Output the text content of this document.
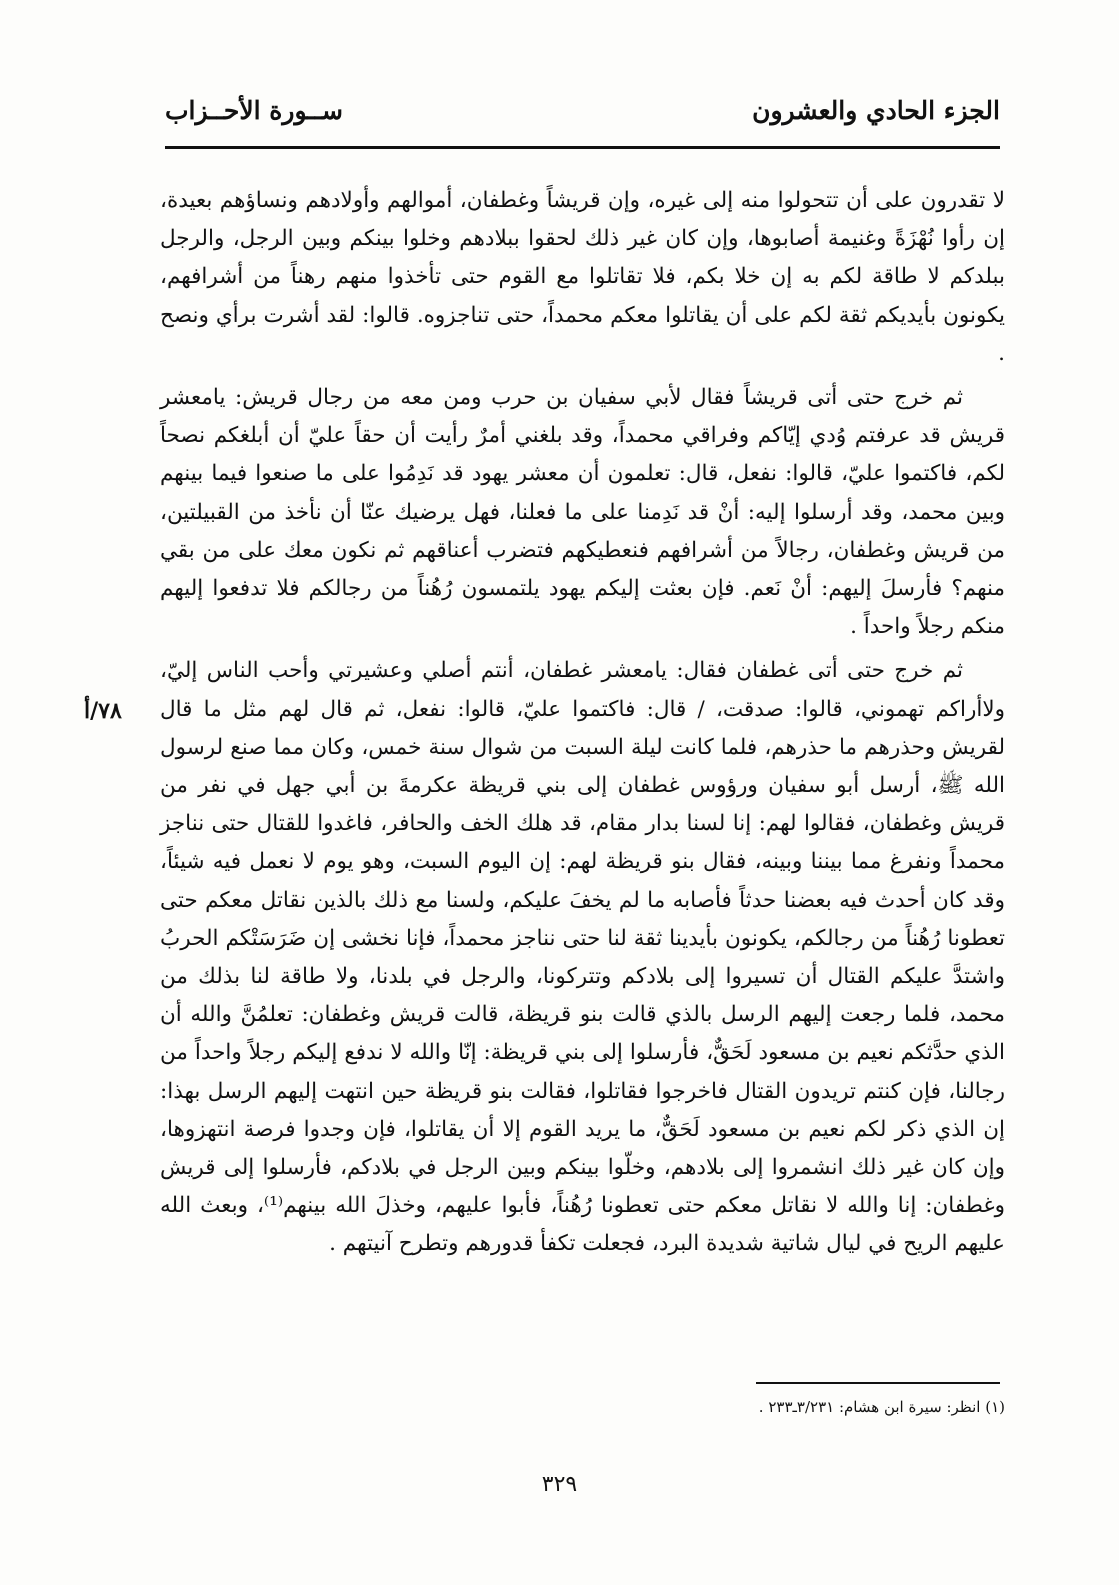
الجزء الحادي والعشرون
ســورة الأحــزاب

لا تقدرون على أن تتحولوا منه إلى غيره، وإن قريشاً وغطفان، أموالهم وأولادهم ونساؤهم بعيدة، إن رأوا نُهْزَةً وغنيمة أصابوها، وإن كان غير ذلك لحقوا ببلادهم وخلوا بينكم وبين الرجل، والرجل ببلدكم لا طاقة لكم به إن خلا بكم، فلا تقاتلوا مع القوم حتى تأخذوا منهم رهناً من أشرافهم، يكونون بأيديكم ثقة لكم على أن يقاتلوا معكم محمداً، حتى تناجزوه. قالوا: لقد أشرت برأي ونصح .

ثم خرج حتى أتى قريشاً فقال لأبي سفيان بن حرب ومن معه من رجال قريش: يامعشر قريش قد عرفتم وُدي إيّاكم وفراقي محمداً، وقد بلغني أمرٌ رأيت أن حقاً عليّ أن أبلغكم نصحاً لكم، فاكتموا عليّ، قالوا: نفعل، قال: تعلمون أن معشر يهود قد نَدِمُوا على ما صنعوا فيما بينهم وبين محمد، وقد أرسلوا إليه: أنْ قد نَدِمنا على ما فعلنا، فهل يرضيك عنّا أن نأخذ من القبيلتين، من قريش وغطفان، رجالاً من أشرافهم فنعطيكهم فتضرب أعناقهم ثم نكون معك على من بقي منهم؟ فأرسلَ إليهم: أنْ نَعم. فإن بعثت إليكم يهود يلتمسون رُهُناً من رجالكم فلا تدفعوا إليهم منكم رجلاً واحداً .

ثم خرج حتى أتى غطفان فقال: يامعشر غطفان، أنتم أصلي وعشيرتي وأحب الناس إليّ، ولاأراكم تهموني، قالوا: صدقت، / قال: فاكتموا عليّ، قالوا: نفعل، ثم قال لهم مثل ما قال لقريش وحذرهم ما حذرهم، فلما كانت ليلة السبت من شوال سنة خمس، وكان مما صنع لرسول الله ﷺ، أرسل أبو سفيان ورؤوس غطفان إلى بني قريظة عكرمةَ بن أبي جهل في نفر من قريش وغطفان، فقالوا لهم: إنا لسنا بدار مقام، قد هلك الخف والحافر، فاغدوا للقتال حتى نناجز محمداً ونفرغ مما بيننا وبينه، فقال بنو قريظة لهم: إن اليوم السبت، وهو يوم لا نعمل فيه شيئاً، وقد كان أحدث فيه بعضنا حدثاً فأصابه ما لم يخفَ عليكم، ولسنا مع ذلك بالذين نقاتل معكم حتى تعطونا رُهُناً من رجالكم، يكونون بأيدينا ثقة لنا حتى نناجز محمداً، فإنا نخشى إن ضَرَسَتْكم الحربُ واشتدَّ عليكم القتال أن تسيروا إلى بلادكم وتتركونا، والرجل في بلدنا، ولا طاقة لنا بذلك من محمد، فلما رجعت إليهم الرسل بالذي قالت بنو قريظة، قالت قريش وغطفان: تعلمُنَّ والله أن الذي حدَّثكم نعيم بن مسعود لَحَقٌّ، فأرسلوا إلى بني قريظة: إنّا والله لا ندفع إليكم رجلاً واحداً من رجالنا، فإن كنتم تريدون القتال فاخرجوا فقاتلوا، فقالت بنو قريظة حين انتهت إليهم الرسل بهذا: إن الذي ذكر لكم نعيم بن مسعود لَحَقٌّ، ما يريد القوم إلا أن يقاتلوا، فإن وجدوا فرصة انتهزوها، وإن كان غير ذلك انشمروا إلى بلادهم، وخلّوا بينكم وبين الرجل في بلادكم، فأرسلوا إلى قريش وغطفان: إنا والله لا نقاتل معكم حتى تعطونا رُهُناً، فأبوا عليهم، وخذلَ الله بينهم⁽¹⁾، وبعث الله عليهم الريح في ليال شاتية شديدة البرد، فجعلت تكفأ قدورهم وتطرح آنيتهم .

۷۸/أ
(١) انظر: سيرة ابن هشام: ٣/٢٣١ـ٢٣٣ .
٣٢٩
